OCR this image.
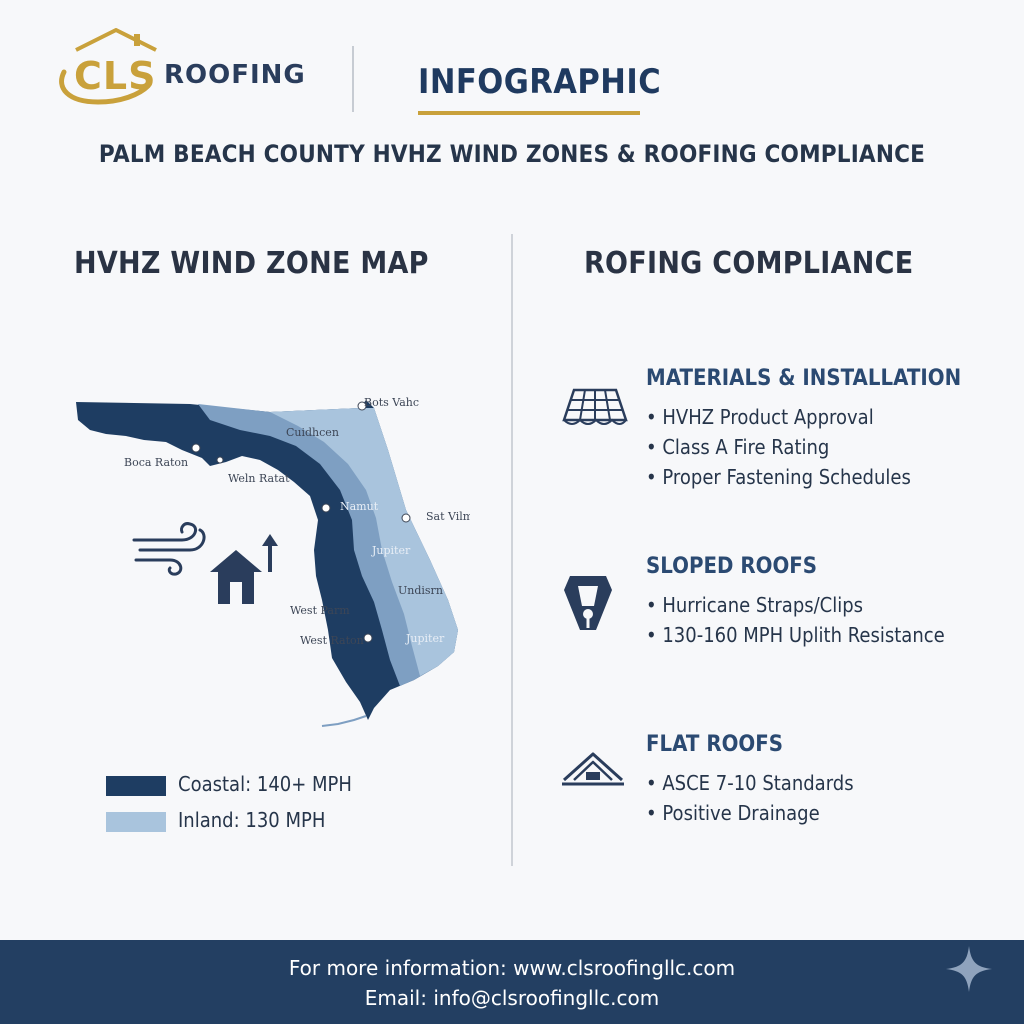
CLS ROOFING	INFOGRAPHIC
PALM BEACH COUNTY HVHZ WIND ZONES & ROOFING COMPLIANCE
HVHZ WIND ZONE MAP
Boca Raton
Weln Ratat
Cuidhcen
Bots Vahc
Namut
Sat Vilm
Jupiter
Undisrn
West Parm
West Raton	Jupiter
Coastal: 140+ MPH
Inland: 130 MPH
ROFING COMPLIANCE
MATERIALS & INSTALLATION
• HVHZ Product Approval
• Class A Fire Rating
• Proper Fastening Schedules
SLOPED ROOFS
• Hurricane Straps/Clips
• 130-160 MPH Uplith Resistance
FLAT ROOFS
• ASCE 7-10 Standards
• Positive Drainage
For more information: www.clsroofingllc.com
Email: info@clsroofingllc.com
